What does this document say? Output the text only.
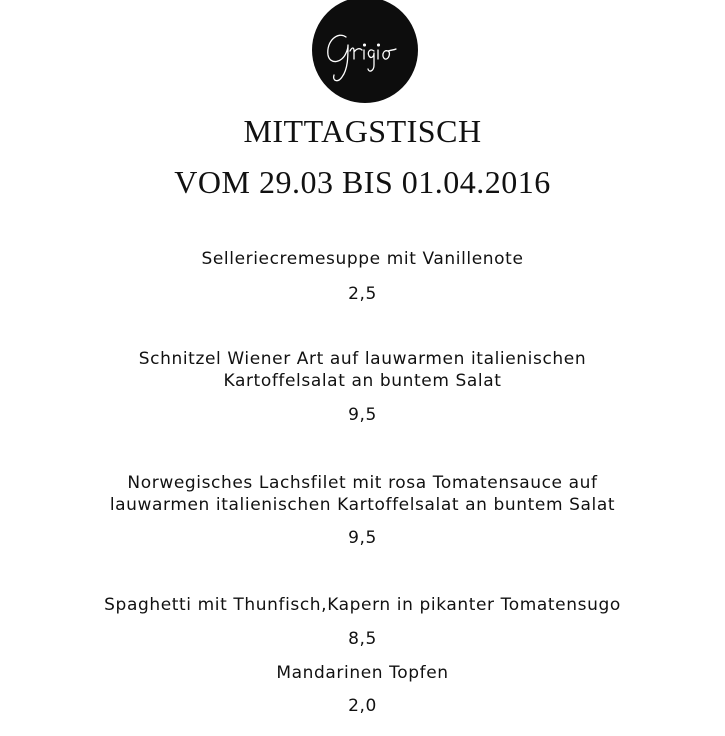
MITTAGSTISCH
VOM 29.03 BIS 01.04.2016
Selleriecremesuppe mit Vanillenote
2,5
Schnitzel Wiener Art auf lauwarmen italienischen
Kartoffelsalat an buntem Salat
9,5
Norwegisches Lachsfilet mit rosa Tomatensauce auf
lauwarmen italienischen Kartoffelsalat an buntem Salat
9,5
Spaghetti mit Thunfisch,Kapern in pikanter Tomatensugo
8,5
Mandarinen Topfen
2,0
